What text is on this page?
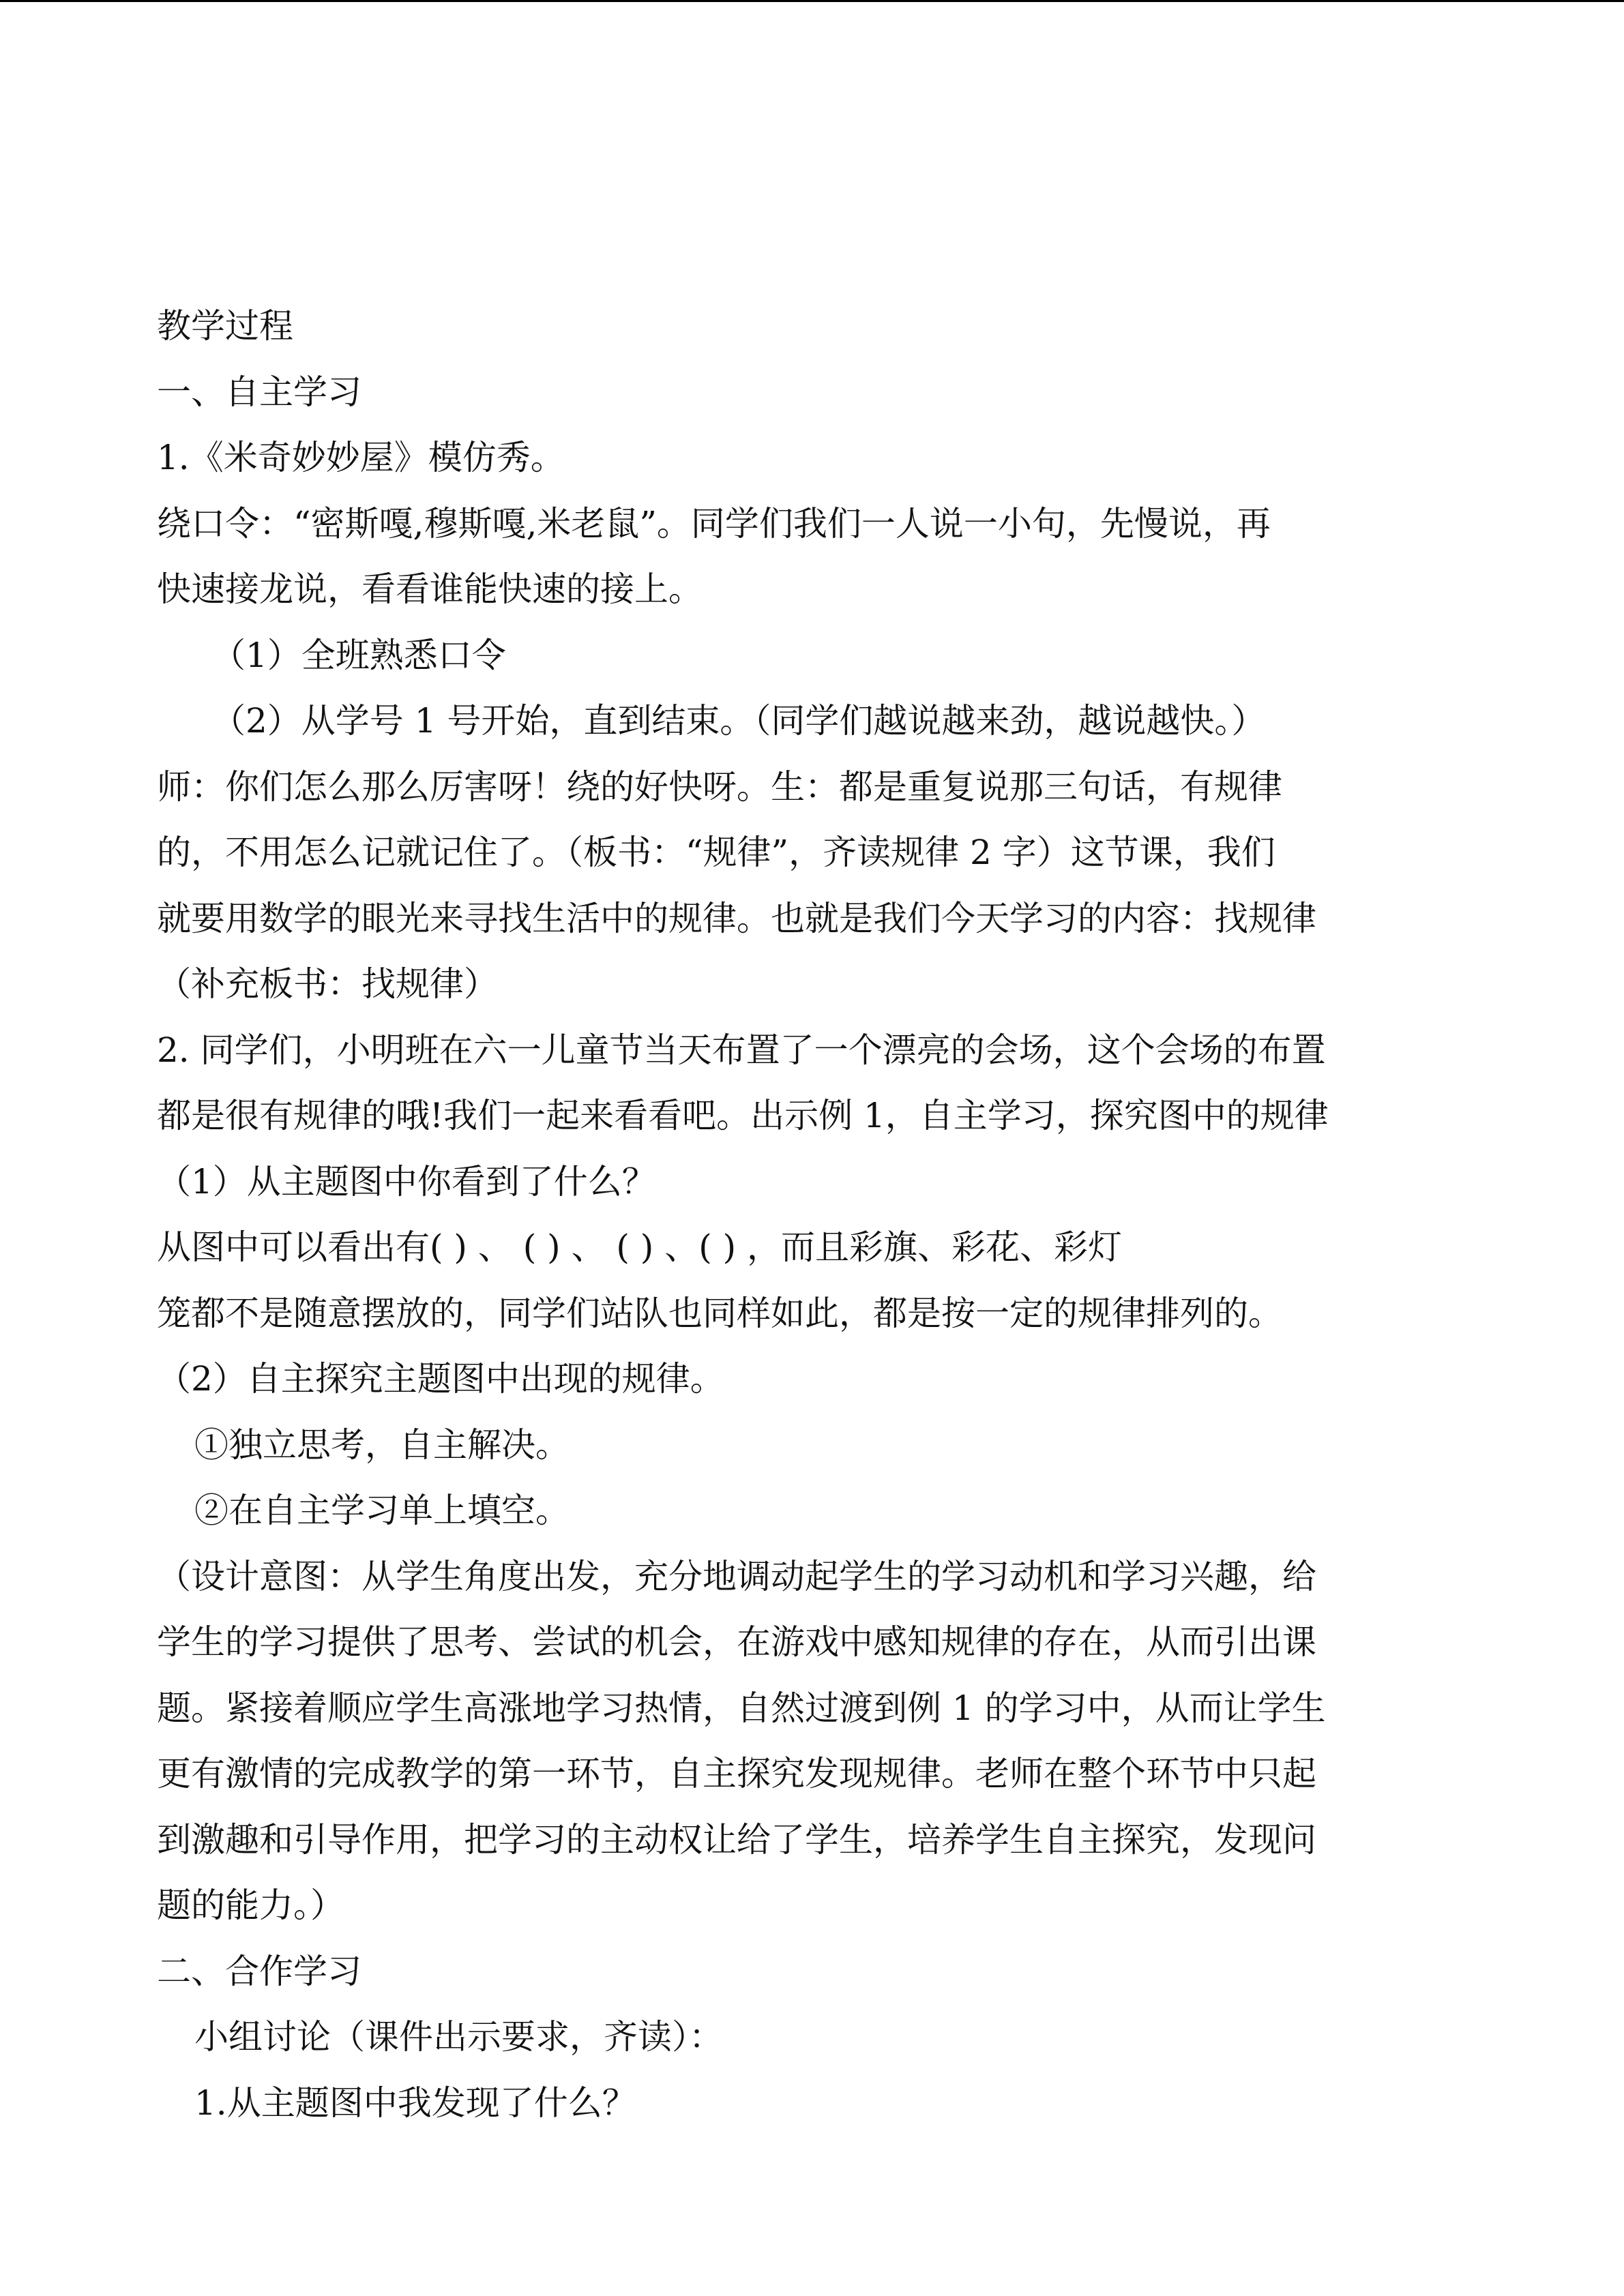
教学过程
一、自主学习
1.《米奇妙妙屋》模仿秀。
绕口令：“密斯嘎,穆斯嘎,米老鼠”。同学们我们一人说一小句，先慢说，再
快速接龙说，看看谁能快速的接上。
（1）全班熟悉口令
（2）从学号 1 号开始，直到结束。（同学们越说越来劲，越说越快。）
师：你们怎么那么厉害呀！绕的好快呀。生：都是重复说那三句话，有规律
的，不用怎么记就记住了。（板书：“规律”，齐读规律 2 字）这节课，我们
就要用数学的眼光来寻找生活中的规律。也就是我们今天学习的内容：找规律
（补充板书：找规律）
2. 同学们，小明班在六一儿童节当天布置了一个漂亮的会场，这个会场的布置
都是很有规律的哦!我们一起来看看吧。出示例 1，自主学习，探究图中的规律
（1）从主题图中你看到了什么？
从图中可以看出有( ) 、 ( ) 、 ( ) 、( ) ，而且彩旗、彩花、彩灯
笼都不是随意摆放的，同学们站队也同样如此，都是按一定的规律排列的。
（2）自主探究主题图中出现的规律。
①独立思考，自主解决。
②在自主学习单上填空。
（设计意图：从学生角度出发，充分地调动起学生的学习动机和学习兴趣，给
学生的学习提供了思考、尝试的机会，在游戏中感知规律的存在，从而引出课
题。紧接着顺应学生高涨地学习热情，自然过渡到例 1 的学习中，从而让学生
更有激情的完成教学的第一环节，自主探究发现规律。老师在整个环节中只起
到激趣和引导作用，把学习的主动权让给了学生，培养学生自主探究，发现问
题的能力。）
二、合作学习
小组讨论（课件出示要求，齐读）：
1.从主题图中我发现了什么？
